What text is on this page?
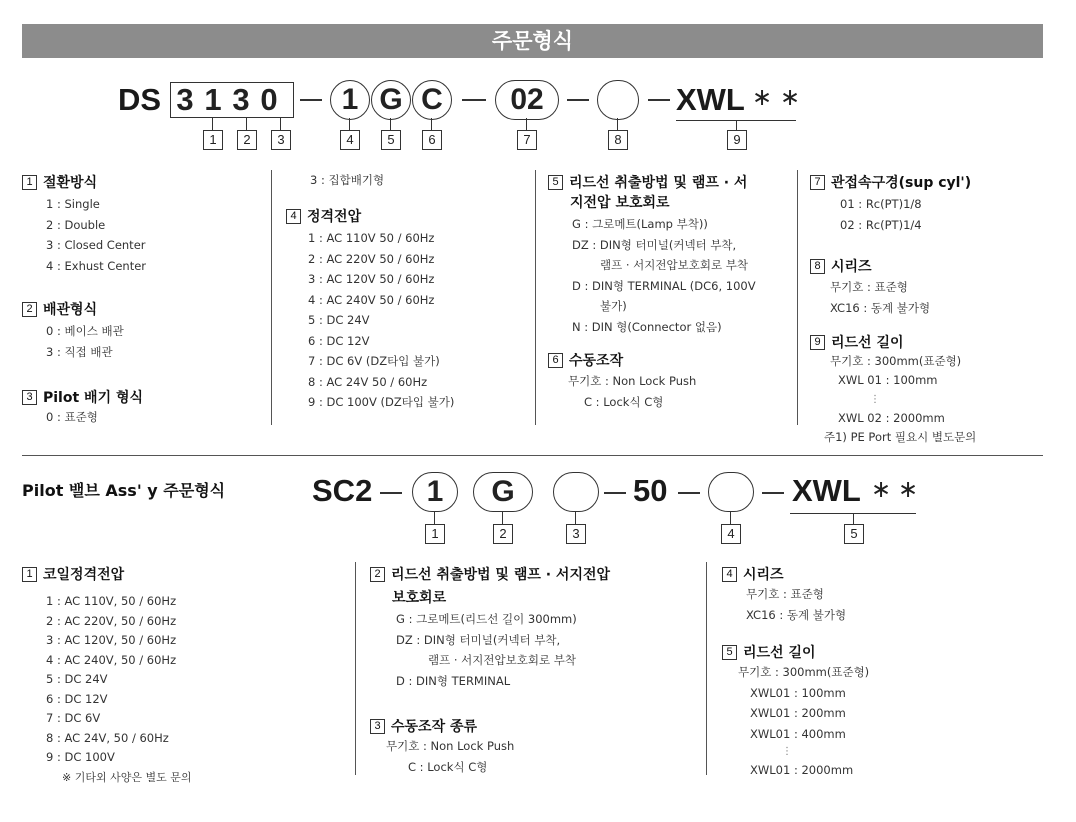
주문형식
DS 3 1 3 0	1 G C	02	XWL ∗ ∗
1	2	3	4	5	6	7	8	9
1 절환방식
1 : Single
2 : Double
3 : Closed Center
4 : Exhust Center
2 배관형식
0 : 베이스 배관
3 : 직접 배관
3 Pilot 배기 형식
0 : 표준형
3 : 집합배기형
4 정격전압
1 : AC 110V 50 / 60Hz
2 : AC 220V 50 / 60Hz
3 : AC 120V 50 / 60Hz
4 : AC 240V 50 / 60Hz
5 : DC 24V
6 : DC 12V
7 : DC 6V (DZ타입 불가)
8 : AC 24V 50 / 60Hz
9 : DC 100V (DZ타입 불가)
5 리드선 취출방법 및 램프 · 서
지전압 보호회로
G : 그로메트(Lamp 부착))
DZ : DIN형 터미널(커넥터 부착,
램프 · 서지전압보호회로 부착
D : DIN형 TERMINAL (DC6, 100V
불가)
N : DIN 형(Connector 없음)
6 수동조작
무기호 : Non Lock Push
C : Lock식 C형
7 관접속구경(sup cyl')
01 : Rc(PT)1/8
02 : Rc(PT)1/4
8 시리즈
무기호 : 표준형
XC16 : 동계 불가형
9 리드선 길이
무기호 : 300mm(표준형)
XWL 01 : 100mm
⋮
XWL 02 : 2000mm
주1) PE Port 필요시 별도문의
Pilot 밸브 Ass' y 주문형식	SC2	1	G	50	XWL ∗ ∗
1	2	3	4	5
1 코일정격전압
1 : AC 110V, 50 / 60Hz
2 : AC 220V, 50 / 60Hz
3 : AC 120V, 50 / 60Hz
4 : AC 240V, 50 / 60Hz
5 : DC 24V
6 : DC 12V
7 : DC 6V
8 : AC 24V, 50 / 60Hz
9 : DC 100V
※ 기타외 사양은 별도 문의
2 리드선 취출방법 및 램프 · 서지전압
보호회로
G : 그로메트(리드선 길이 300mm)
DZ : DIN형 터미널(커넥터 부착,
램프 · 서지전압보호회로 부착
D : DIN형 TERMINAL
3 수동조작 종류
무기호 : Non Lock Push
C : Lock식 C형
4 시리즈
무기호 : 표준형
XC16 : 동계 불가형
5 리드선 길이
무기호 : 300mm(표준형)
XWL01 : 100mm
XWL01 : 200mm
XWL01 : 400mm
⋮
XWL01 : 2000mm
